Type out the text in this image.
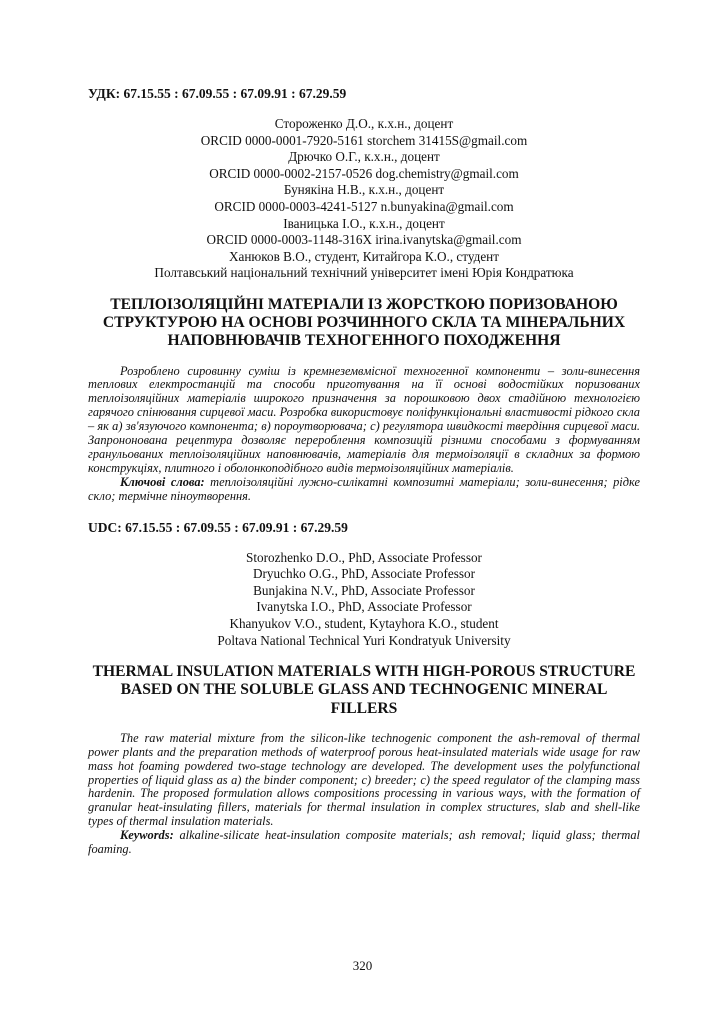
УДК: 67.15.55 : 67.09.55 : 67.09.91 : 67.29.59
Стороженко Д.О., к.х.н., доцент
ORCID 0000-0001-7920-5161 storchem 31415S@gmail.com
Дрючко О.Г., к.х.н., доцент
ORCID 0000-0002-2157-0526 dog.chemistry@gmail.com
Бунякіна Н.В., к.х.н., доцент
ORCID 0000-0003-4241-5127 n.bunyakina@gmail.com
Іваницька І.О., к.х.н., доцент
ORCID 0000-0003-1148-316X irina.ivanytska@gmail.com
Ханюков В.О., студент, Китайгора К.О., студент
Полтавський національний технічний університет імені Юрія Кондратюка
ТЕПЛОІЗОЛЯЦІЙНІ МАТЕРІАЛИ ІЗ ЖОРСТКОЮ ПОРИЗОВАНОЮ СТРУКТУРОЮ НА ОСНОВІ РОЗЧИННОГО СКЛА ТА МІНЕРАЛЬНИХ НАПОВНЮВАЧІВ ТЕХНОГЕННОГО ПОХОДЖЕННЯ

Розроблено сировинну суміш із кремнеземвмісної техногенної компоненти – золи-винесення теплових електростанцій та способи приготування на її основі водостійких поризованих теплоізоляційних матеріалів широкого призначення за порошковою двох стадійною технологією гарячого спінювання сирцевої маси. Розробка використовує поліфункціональні властивості рідкого скла – як а) зв'язуючого компонента; в) пороутворювача; с) регулятора швидкості твердіння сирцевої маси. Запрононована рецептура дозволяє перероблення композицій різними способами з формуванням гранульованих теплоізоляційних наповнювачів, матеріалів для термоізоляції в складних за формою конструкціях, плитного і оболонкоподібного видів термоізоляційних матеріалів.

Ключові слова: теплоізоляційні лужно-силікатні композитні матеріали; золи-винесення; рідке скло; термічне піноутворення.

UDC: 67.15.55 : 67.09.55 : 67.09.91 : 67.29.59
Storozhenko D.O., PhD, Associate Professor
Dryuchko O.G., PhD, Associate Professor
Bunjakina N.V., PhD, Associate Professor
Ivanytska I.O., PhD, Associate Professor
Khanyukov V.O., student, Kytayhora K.O., student
Poltava National Technical Yuri Kondratyuk University
THERMAL INSULATION MATERIALS WITH HIGH-POROUS STRUCTURE BASED ON THE SOLUBLE GLASS AND TECHNOGENIC MINERAL FILLERS

The raw material mixture from the silicon-like technogenic component the ash-removal of thermal power plants and the preparation methods of waterproof porous heat-insulated materials wide usage for raw mass hot foaming powdered two-stage technology are developed. The development uses the polyfunctional properties of liquid glass as a) the binder component; c) breeder; c) the speed regulator of the clamping mass hardenin. The proposed formulation allows compositions processing in various ways, with the formation of granular heat-insulating fillers, materials for thermal insulation in complex structures, slab and shell-like types of thermal insulation materials.

Keywords: alkaline-silicate heat-insulation composite materials; ash removal; liquid glass; thermal foaming.

320
